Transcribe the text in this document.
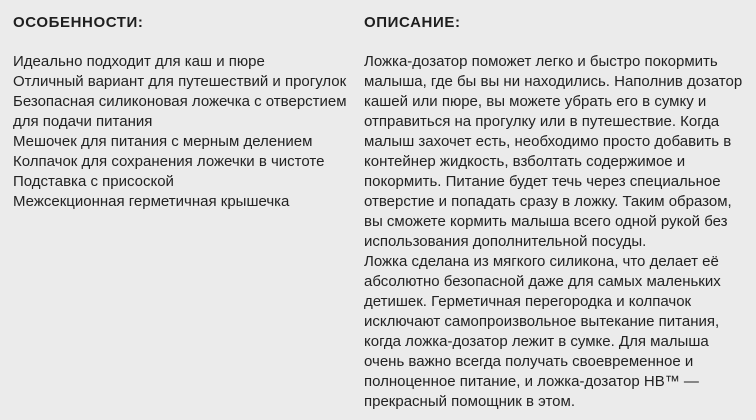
ОСОБЕННОСТИ:
Идеально подходит для каш и пюре
Отличный вариант для путешествий и прогулок
Безопасная силиконовая ложечка с отверстием для подачи питания
Мешочек для питания с мерным делением
Колпачок для сохранения ложечки в чистоте
Подставка с присоской
Межсекционная герметичная крышечка
ОПИСАНИЕ:

Ложка-дозатор поможет легко и быстро покормить малыша, где бы вы ни находились. Наполнив дозатор кашей или пюре, вы можете убрать его в сумку и отправиться на прогулку или в путешествие. Когда малыш захочет есть, необходимо просто добавить в контейнер жидкость, взболтать содержимое и покормить. Питание будет течь через специальное отверстие и попадать сразу в ложку. Таким образом, вы сможете кормить малыша всего одной рукой без использования дополнительной посуды.

Ложка сделана из мягкого силикона, что делает её абсолютно безопасной даже для самых маленьких детишек. Герметичная перегородка и колпачок исключают самопроизвольное вытекание питания, когда ложка-дозатор лежит в сумке. Для малыша очень важно всегда получать своевременное и полноценное питание, и ложка-дозатор HB™ — прекрасный помощник в этом.
